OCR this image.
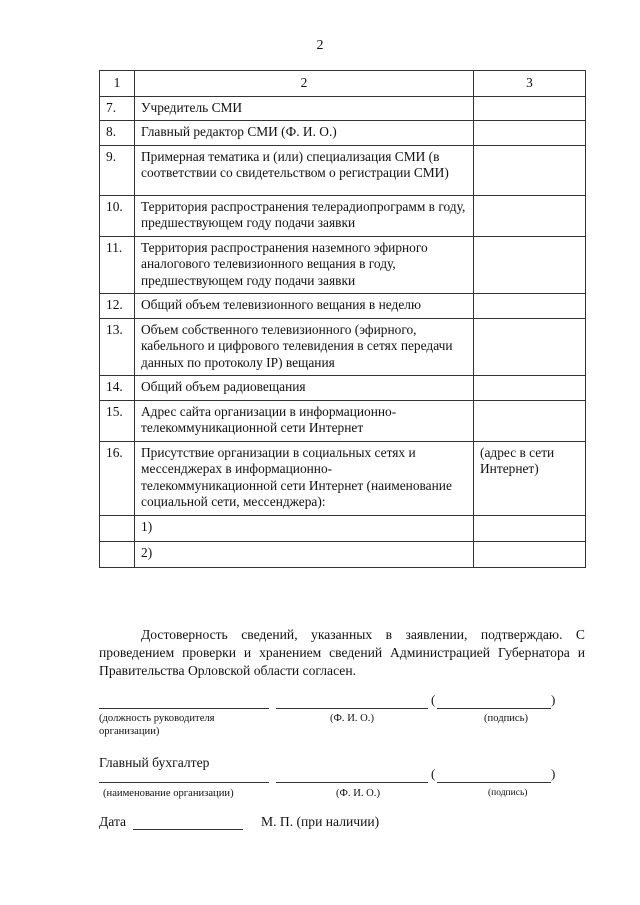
2
1	2	3
7.	Учредитель СМИ	
8.	Главный редактор СМИ (Ф. И. О.)	
9.	Примерная тематика и (или) специализация СМИ (в соответствии со свидетельством о регистрации СМИ)	
10.	Территория распространения телерадиопрограмм в году, предшествующем году подачи заявки	
11.	Территория распространения наземного эфирного аналогового телевизионного вещания в году, предшествующем году подачи заявки	
12.	Общий объем телевизионного вещания в неделю	
13.	Объем собственного телевизионного (эфирного, кабельного и цифрового телевидения в сетях передачи данных по протоколу IP) вещания	
14.	Общий объем радиовещания	
15.	Адрес сайта организации в информационно-телекоммуникационной сети Интернет	
16.	Присутствие организации в социальных сетях и мессенджерах в информационно-телекоммуникационной сети Интернет (наименование социальной сети, мессенджера):	(адрес в сети Интернет)
	1)	
	2)	
Достоверность сведений, указанных в заявлении, подтверждаю. С проведением проверки и хранением сведений Администрацией Губернатора и Правительства Орловской области согласен.
(	)
(должность руководителя организации)
(Ф. И. О.)	(подпись)
Главный бухгалтер
(	)
(наименование организации)	(Ф. И. О.)	(подпись)
Дата	М. П. (при наличии)
